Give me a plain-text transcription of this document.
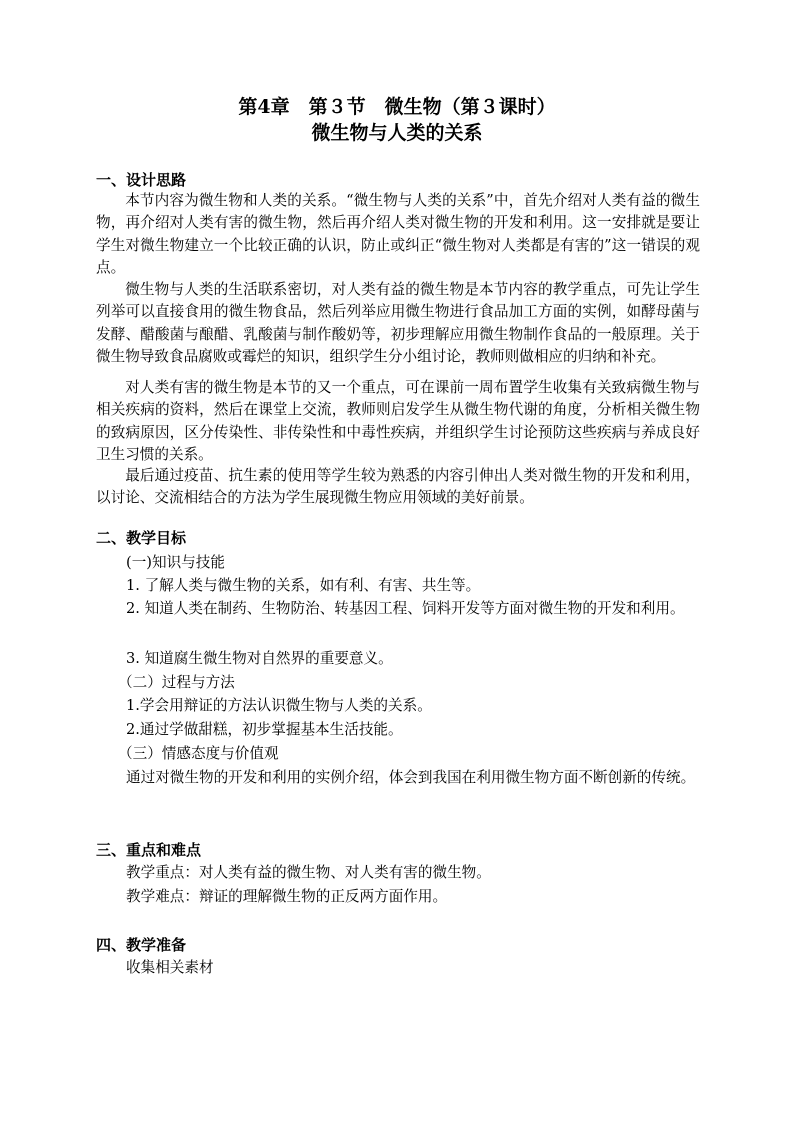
第4章　第３节　微生物（第３课时）
微生物与人类的关系
一、设计思路
本节内容为微生物和人类的关系。“微生物与人类的关系”中，首先介绍对人类有益的微生物，再介绍对人类有害的微生物，然后再介绍人类对微生物的开发和利用。这一安排就是要让学生对微生物建立一个比较正确的认识，防止或纠正“微生物对人类都是有害的”这一错误的观点。
微生物与人类的生活联系密切，对人类有益的微生物是本节内容的教学重点，可先让学生列举可以直接食用的微生物食品，然后列举应用微生物进行食品加工方面的实例，如酵母菌与发酵、醋酸菌与酿醋、乳酸菌与制作酸奶等，初步理解应用微生物制作食品的一般原理。关于微生物导致食品腐败或霉烂的知识，组织学生分小组讨论，教师则做相应的归纳和补充。
对人类有害的微生物是本节的又一个重点，可在课前一周布置学生收集有关致病微生物与相关疾病的资料，然后在课堂上交流，教师则启发学生从微生物代谢的角度，分析相关微生物的致病原因，区分传染性、非传染性和中毒性疾病，并组织学生讨论预防这些疾病与养成良好卫生习惯的关系。
最后通过疫苗、抗生素的使用等学生较为熟悉的内容引伸出人类对微生物的开发和利用，以讨论、交流相结合的方法为学生展现微生物应用领域的美好前景。
二、教学目标
(一)知识与技能
1. 了解人类与微生物的关系，如有利、有害、共生等。
2. 知道人类在制药、生物防治、转基因工程、饲料开发等方面对微生物的开发和利用。
3. 知道腐生微生物对自然界的重要意义。
（二）过程与方法
1.学会用辩证的方法认识微生物与人类的关系。
2.通过学做甜糕，初步掌握基本生活技能。
（三）情感态度与价值观
通过对微生物的开发和利用的实例介绍，体会到我国在利用微生物方面不断创新的传统。
三、重点和难点
教学重点：对人类有益的微生物、对人类有害的微生物。
教学难点：辩证的理解微生物的正反两方面作用。
四、教学准备
收集相关素材
